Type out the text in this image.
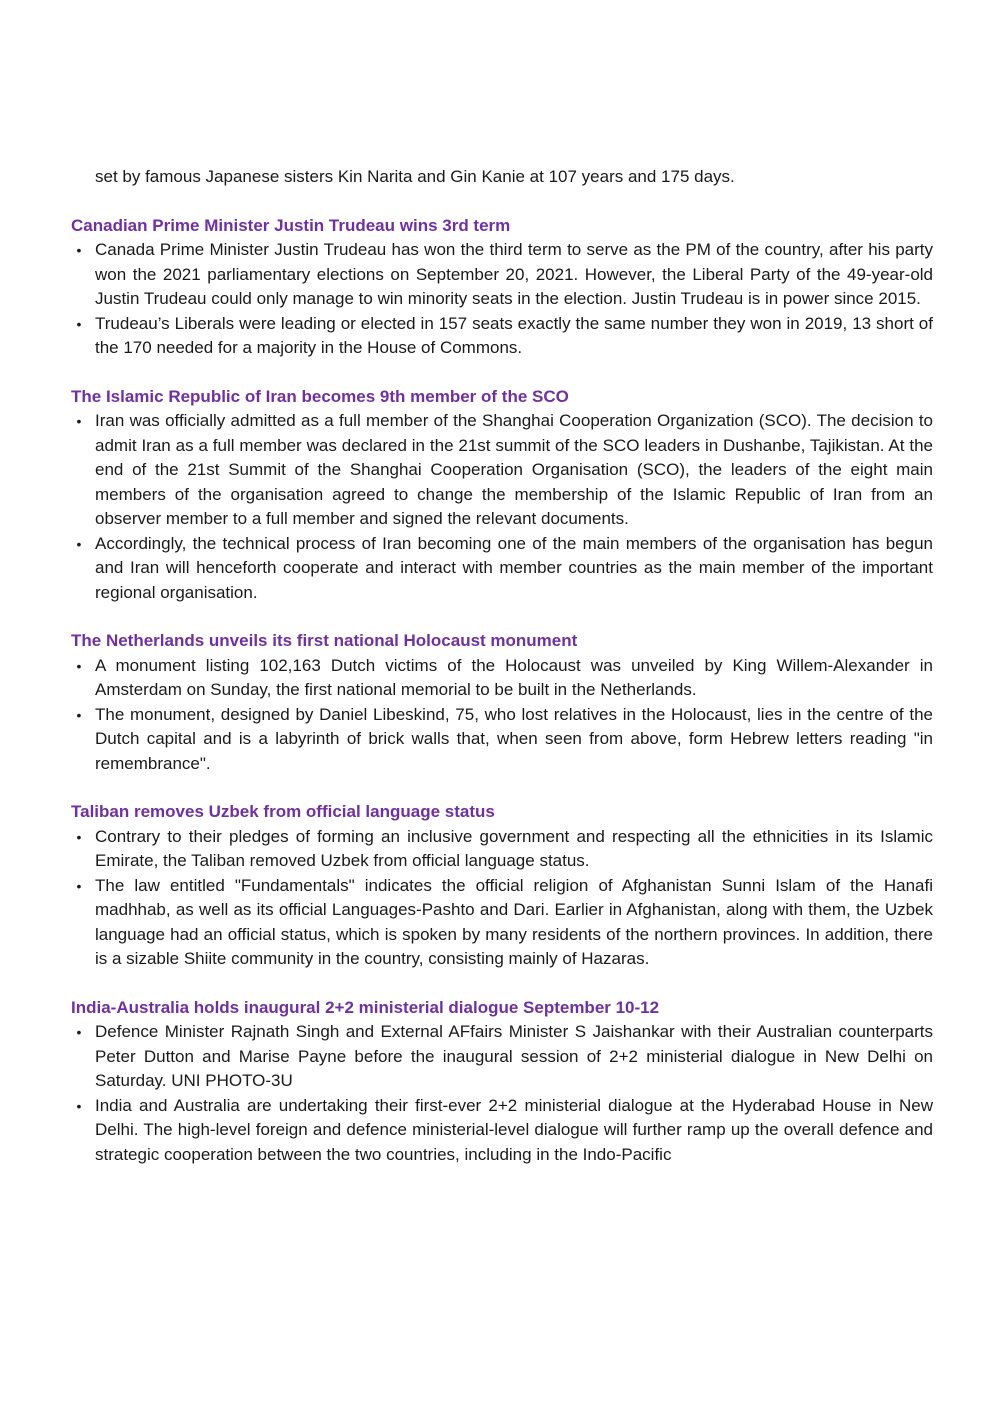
set by famous Japanese sisters Kin Narita and Gin Kanie at 107 years and 175 days.

Canadian Prime Minister Justin Trudeau wins 3rd term

• Canada Prime Minister Justin Trudeau has won the third term to serve as the PM of the country, after his party won the 2021 parliamentary elections on September 20, 2021. However, the Liberal Party of the 49-year-old Justin Trudeau could only manage to win minority seats in the election. Justin Trudeau is in power since 2015.
• Trudeau’s Liberals were leading or elected in 157 seats exactly the same number they won in 2019, 13 short of the 170 needed for a majority in the House of Commons.

The Islamic Republic of Iran becomes 9th member of the SCO

• Iran was officially admitted as a full member of the Shanghai Cooperation Organization (SCO). The decision to admit Iran as a full member was declared in the 21st summit of the SCO leaders in Dushanbe, Tajikistan. At the end of the 21st Summit of the Shanghai Cooperation Organisation (SCO), the leaders of the eight main members of the organisation agreed to change the membership of the Islamic Republic of Iran from an observer member to a full member and signed the relevant documents.
• Accordingly, the technical process of Iran becoming one of the main members of the organisation has begun and Iran will henceforth cooperate and interact with member countries as the main member of the important regional organisation.

The Netherlands unveils its first national Holocaust monument

• A monument listing 102,163 Dutch victims of the Holocaust was unveiled by King Willem-Alexander in Amsterdam on Sunday, the first national memorial to be built in the Netherlands.
• The monument, designed by Daniel Libeskind, 75, who lost relatives in the Holocaust, lies in the centre of the Dutch capital and is a labyrinth of brick walls that, when seen from above, form Hebrew letters reading "in remembrance".

Taliban removes Uzbek from official language status

• Contrary to their pledges of forming an inclusive government and respecting all the ethnicities in its Islamic Emirate, the Taliban removed Uzbek from official language status.
• The law entitled "Fundamentals" indicates the official religion of Afghanistan Sunni Islam of the Hanafi madhhab, as well as its official Languages-Pashto and Dari. Earlier in Afghanistan, along with them, the Uzbek language had an official status, which is spoken by many residents of the northern provinces. In addition, there is a sizable Shiite community in the country, consisting mainly of Hazaras.

India-Australia holds inaugural 2+2 ministerial dialogue September 10-12

• Defence Minister Rajnath Singh and External AFfairs Minister S Jaishankar with their Australian counterparts Peter Dutton and Marise Payne before the inaugural session of 2+2 ministerial dialogue in New Delhi on Saturday. UNI PHOTO-3U
• India and Australia are undertaking their first-ever 2+2 ministerial dialogue at the Hyderabad House in New Delhi. The high-level foreign and defence ministerial-level dialogue will further ramp up the overall defence and strategic cooperation between the two countries, including in the Indo-Pacific
